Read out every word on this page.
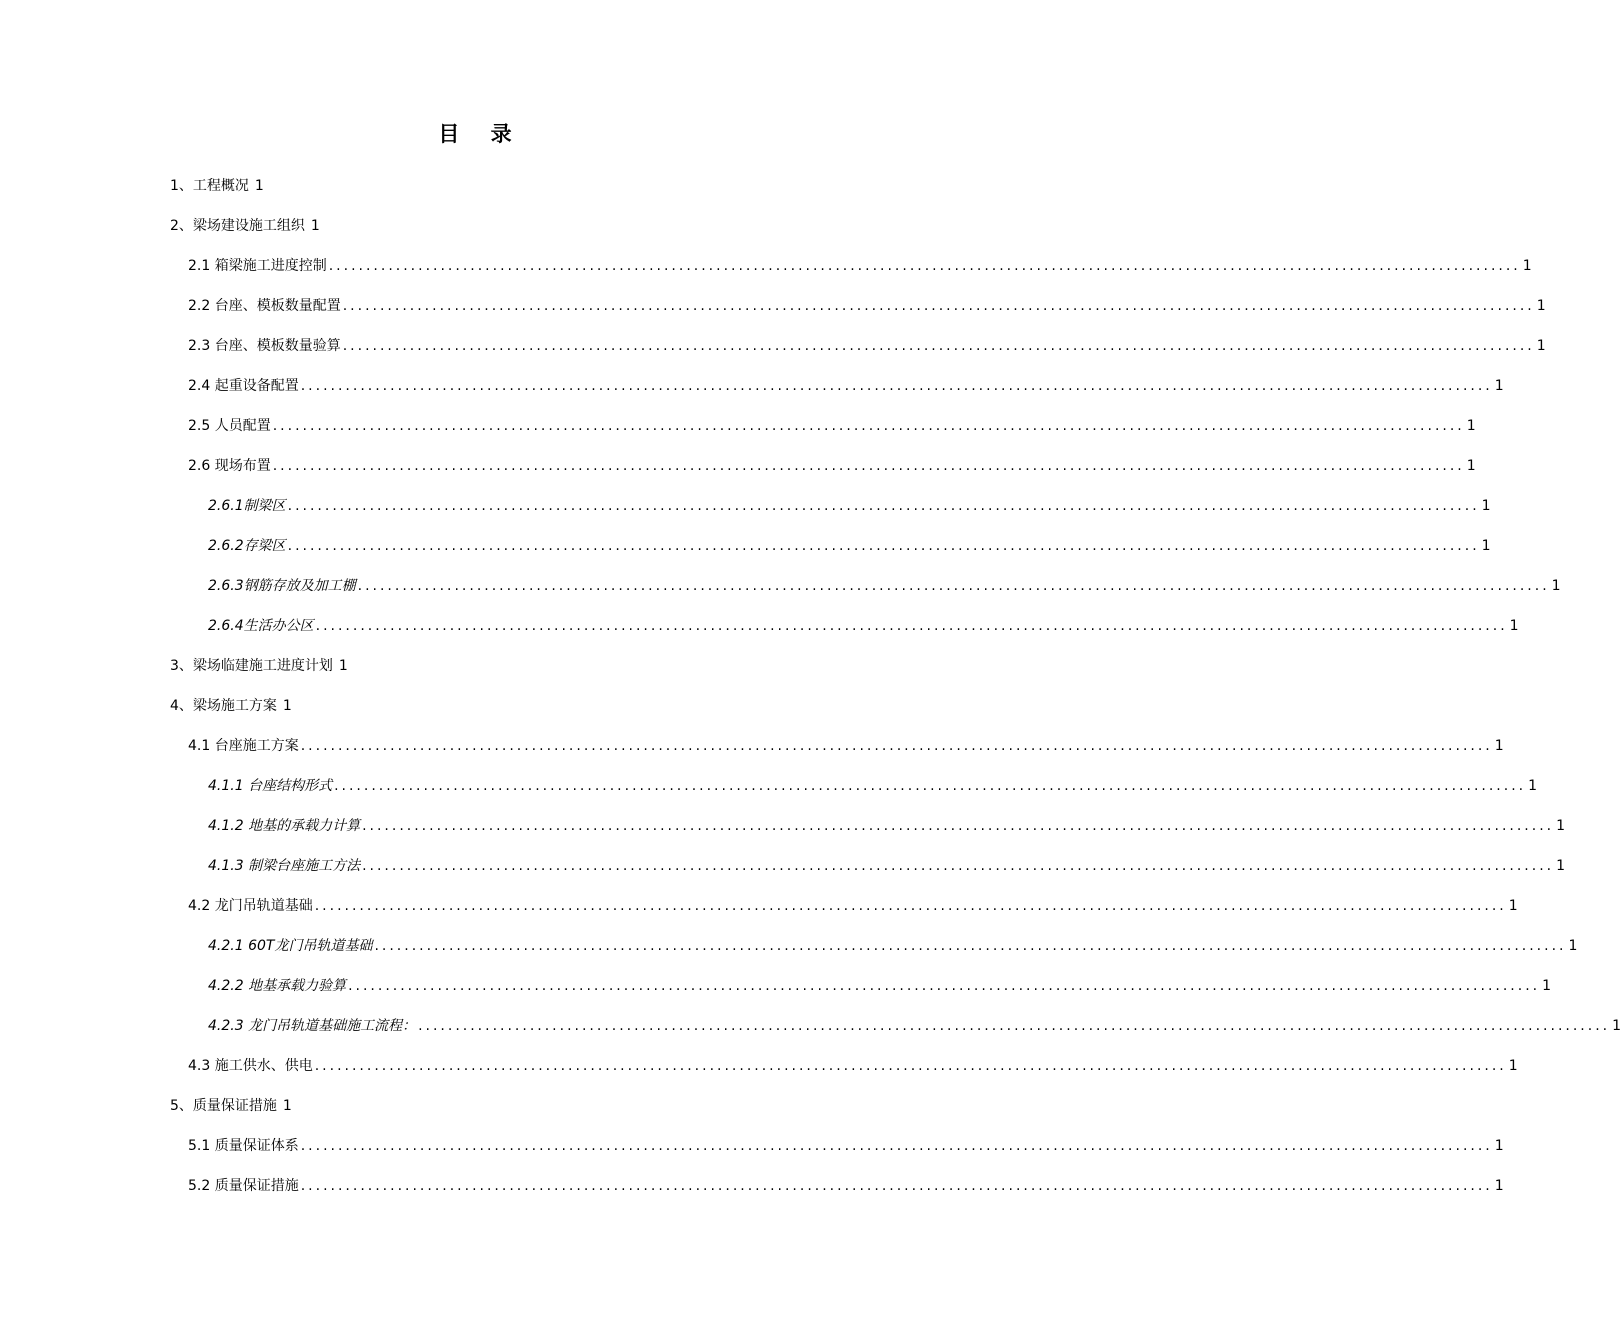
目 录
1、工程概况 1
2、梁场建设施工组织 1
2.1 箱梁施工进度控制 ................................................................................................................................................................ 1
2.2 台座、模板数量配置 ................................................................................................................................................................ 1
2.3 台座、模板数量验算 ................................................................................................................................................................ 1
2.4 起重设备配置 ................................................................................................................................................................ 1
2.5 人员配置 ................................................................................................................................................................ 1
2.6 现场布置 ................................................................................................................................................................ 1
2.6.1制梁区 ................................................................................................................................................................ 1
2.6.2存梁区 ................................................................................................................................................................ 1
2.6.3钢筋存放及加工棚 ................................................................................................................................................................ 1
2.6.4生活办公区 ................................................................................................................................................................ 1
3、梁场临建施工进度计划 1
4、梁场施工方案 1
4.1 台座施工方案 ................................................................................................................................................................ 1
4.1.1 台座结构形式 ................................................................................................................................................................ 1
4.1.2 地基的承载力计算 ................................................................................................................................................................ 1
4.1.3 制梁台座施工方法 ................................................................................................................................................................ 1
4.2 龙门吊轨道基础 ................................................................................................................................................................ 1
4.2.1 60T龙门吊轨道基础 ................................................................................................................................................................ 1
4.2.2 地基承载力验算 ................................................................................................................................................................ 1
4.2.3 龙门吊轨道基础施工流程： ................................................................................................................................................................ 1
4.3 施工供水、供电 ................................................................................................................................................................ 1
5、质量保证措施 1
5.1 质量保证体系 ................................................................................................................................................................ 1
5.2 质量保证措施 ................................................................................................................................................................ 1
